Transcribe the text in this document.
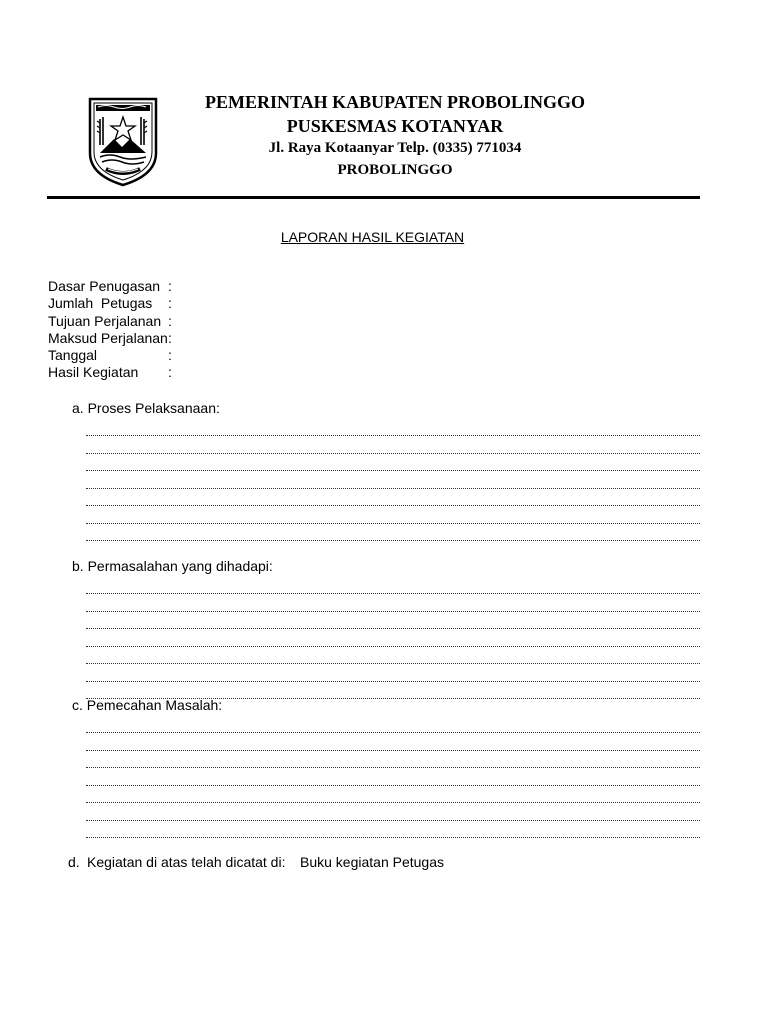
PEMERINTAH KABUPATEN PROBOLINGGO
PUSKESMAS KOTANYAR
Jl. Raya Kotaanyar Telp. (0335) 771034
PROBOLINGGO
LAPORAN HASIL KEGIATAN
Dasar Penugasan :
Jumlah  Petugas :
Tujuan Perjalanan :
Maksud Perjalanan :
Tanggal	:
Hasil Kegiatan :
a. Proses Pelaksanaan:
b. Permasalahan yang dihadapi:
c. Pemecahan Masalah:
d. Kegiatan di atas telah dicatat di: Buku kegiatan Petugas
